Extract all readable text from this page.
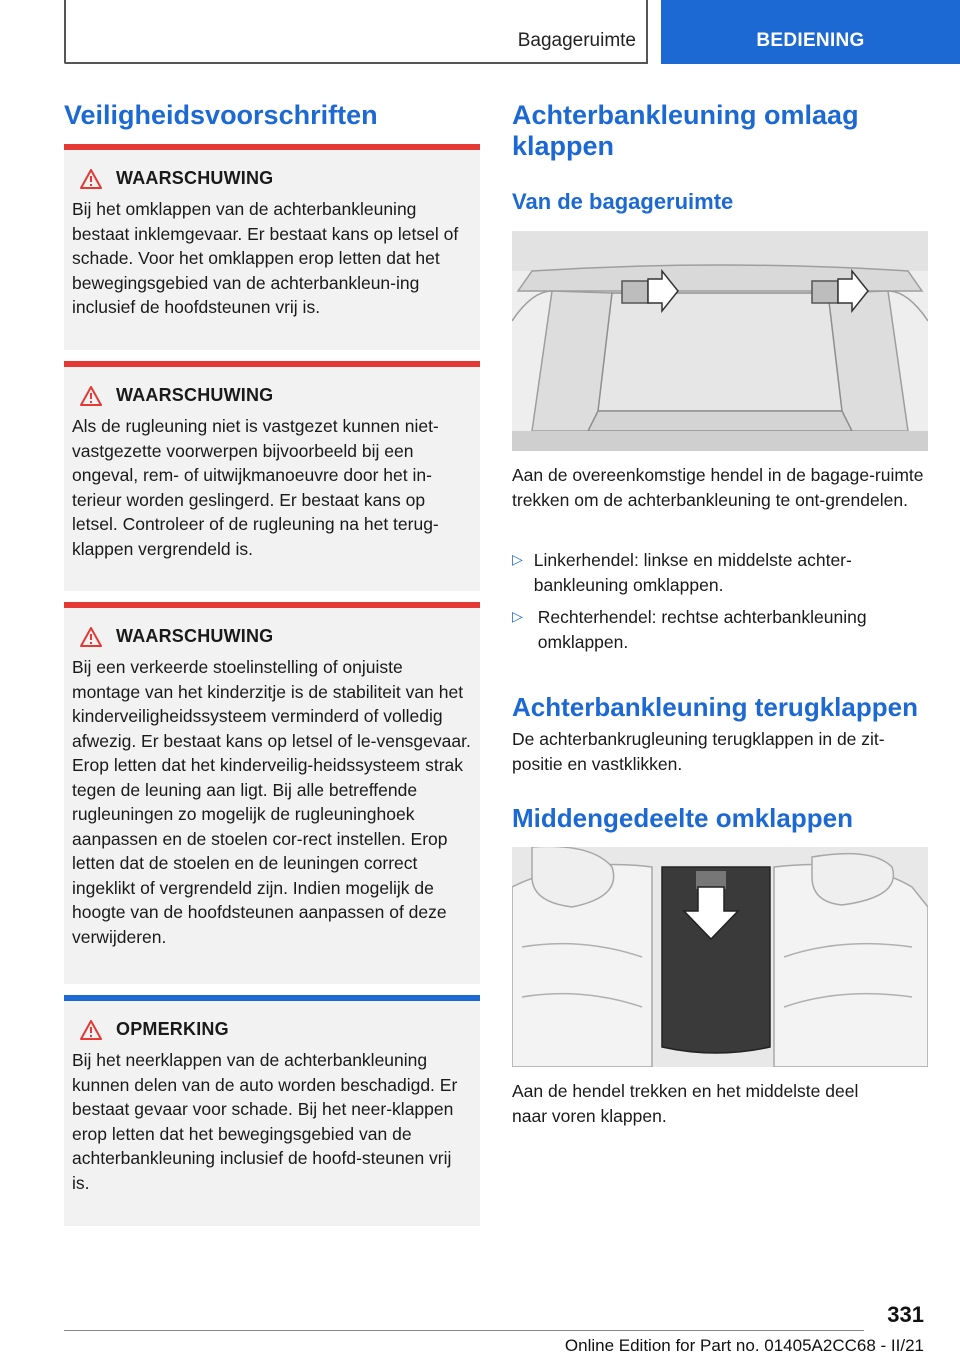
Bagageruimte	BEDIENING
Veiligheidsvoorschriften
WAARSCHUWING

Bij het omklappen van de achterbankleuning bestaat inklemgevaar. Er bestaat kans op letsel of schade. Voor het omklappen erop letten dat het bewegingsgebied van de achterbankleun-ing inclusief de hoofdsteunen vrij is.

WAARSCHUWING

Als de rugleuning niet is vastgezet kunnen niet-vastgezette voorwerpen bijvoorbeeld bij een ongeval, rem- of uitwijkmanoeuvre door het in-terieur worden geslingerd. Er bestaat kans op letsel. Controleer of de rugleuning na het terug-klappen vergrendeld is.

WAARSCHUWING

Bij een verkeerde stoelinstelling of onjuiste montage van het kinderzitje is de stabiliteit van het kinderveiligheidssysteem verminderd of volledig afwezig. Er bestaat kans op letsel of le-vensgevaar. Erop letten dat het kinderveilig-heidssysteem strak tegen de leuning aan ligt. Bij alle betreffende rugleuningen zo mogelijk de rugleuninghoek aanpassen en de stoelen cor-rect instellen. Erop letten dat de stoelen en de leuningen correct ingeklikt of vergrendeld zijn. Indien mogelijk de hoogte van de hoofdsteunen aanpassen of deze verwijderen.

OPMERKING

Bij het neerklappen van de achterbankleuning kunnen delen van de auto worden beschadigd. Er bestaat gevaar voor schade. Bij het neer-klappen erop letten dat het bewegingsgebied van de achterbankleuning inclusief de hoofd-steunen vrij is.

Achterbankleuning omlaag klappen
Van de bagageruimte

Aan de overeenkomstige hendel in de bagage-ruimte trekken om de achterbankleuning te ont-grendelen.

▷ Linkerhendel: linkse en middelste achter-bankleuning omklappen.

▷ Rechterhendel: rechtse achterbankleuning omklappen.

Achterbankleuning terugklappen

De achterbankrugleuning terugklappen in de zit-positie en vastklikken.

Middengedeelte omklappen

Aan de hendel trekken en het middelste deel naar voren klappen.

331
Online Edition for Part no. 01405A2CC68 - II/21
